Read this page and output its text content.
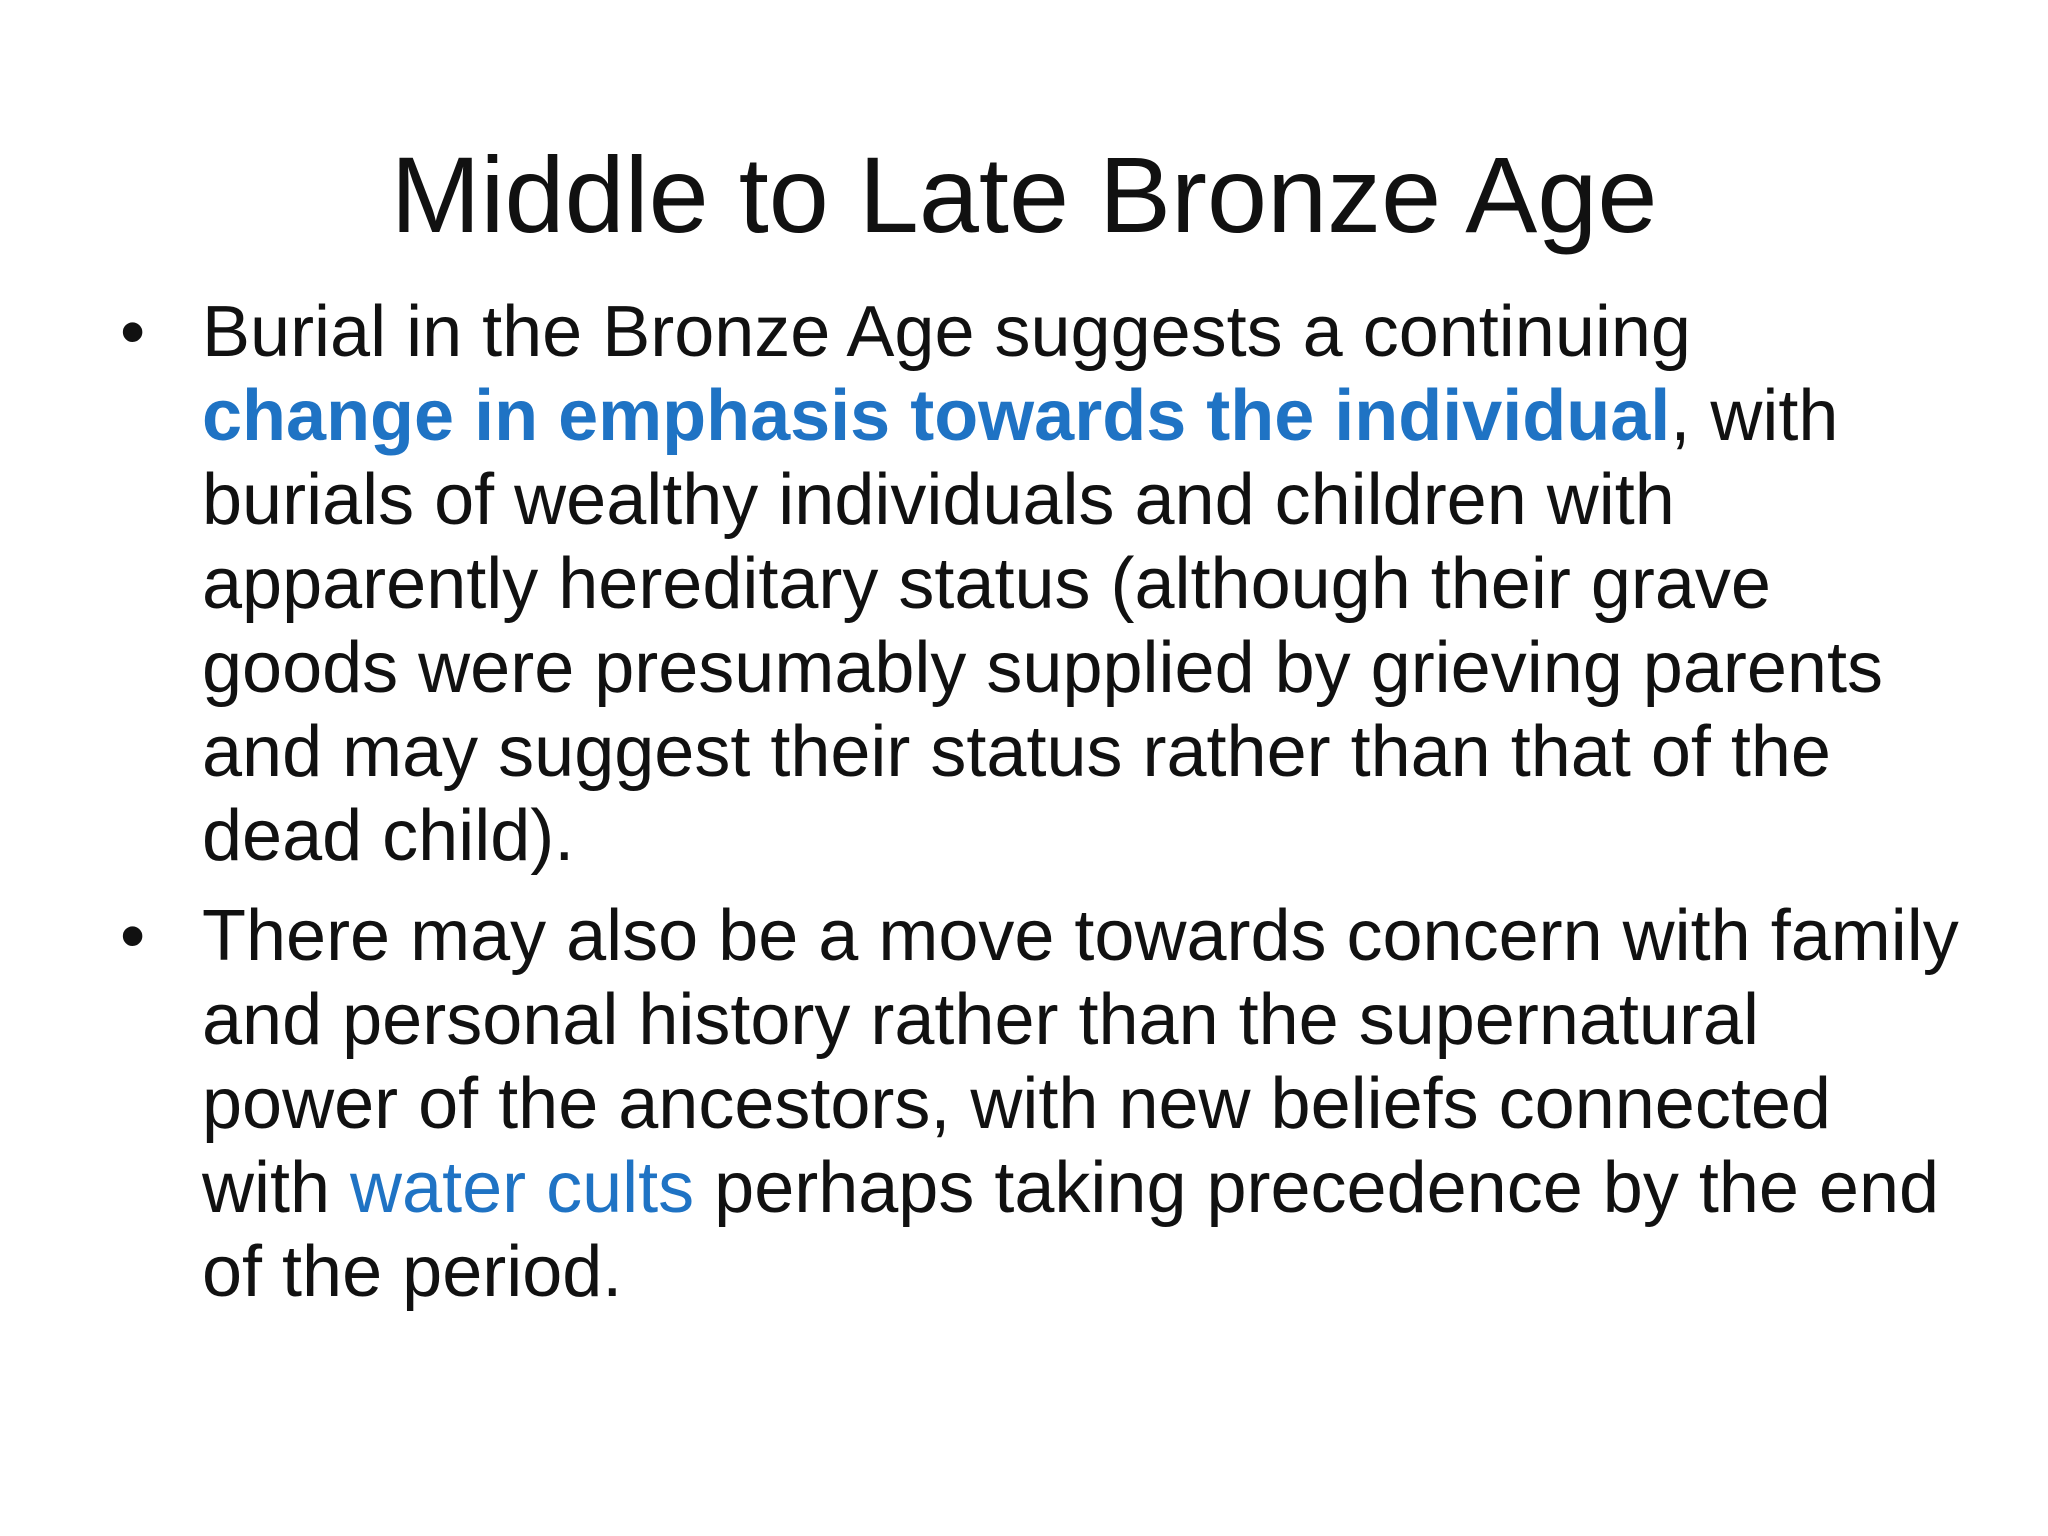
Middle to Late Bronze Age
• Burial in the Bronze Age suggests a continuing change in emphasis towards the individual, with burials of wealthy individuals and children with apparently hereditary status (although their grave goods were presumably supplied by grieving parents and may suggest their status rather than that of the dead child).
• There may also be a move towards concern with family and personal history rather than the supernatural power of the ancestors, with new beliefs connected with water cults perhaps taking precedence by the end of the period.
